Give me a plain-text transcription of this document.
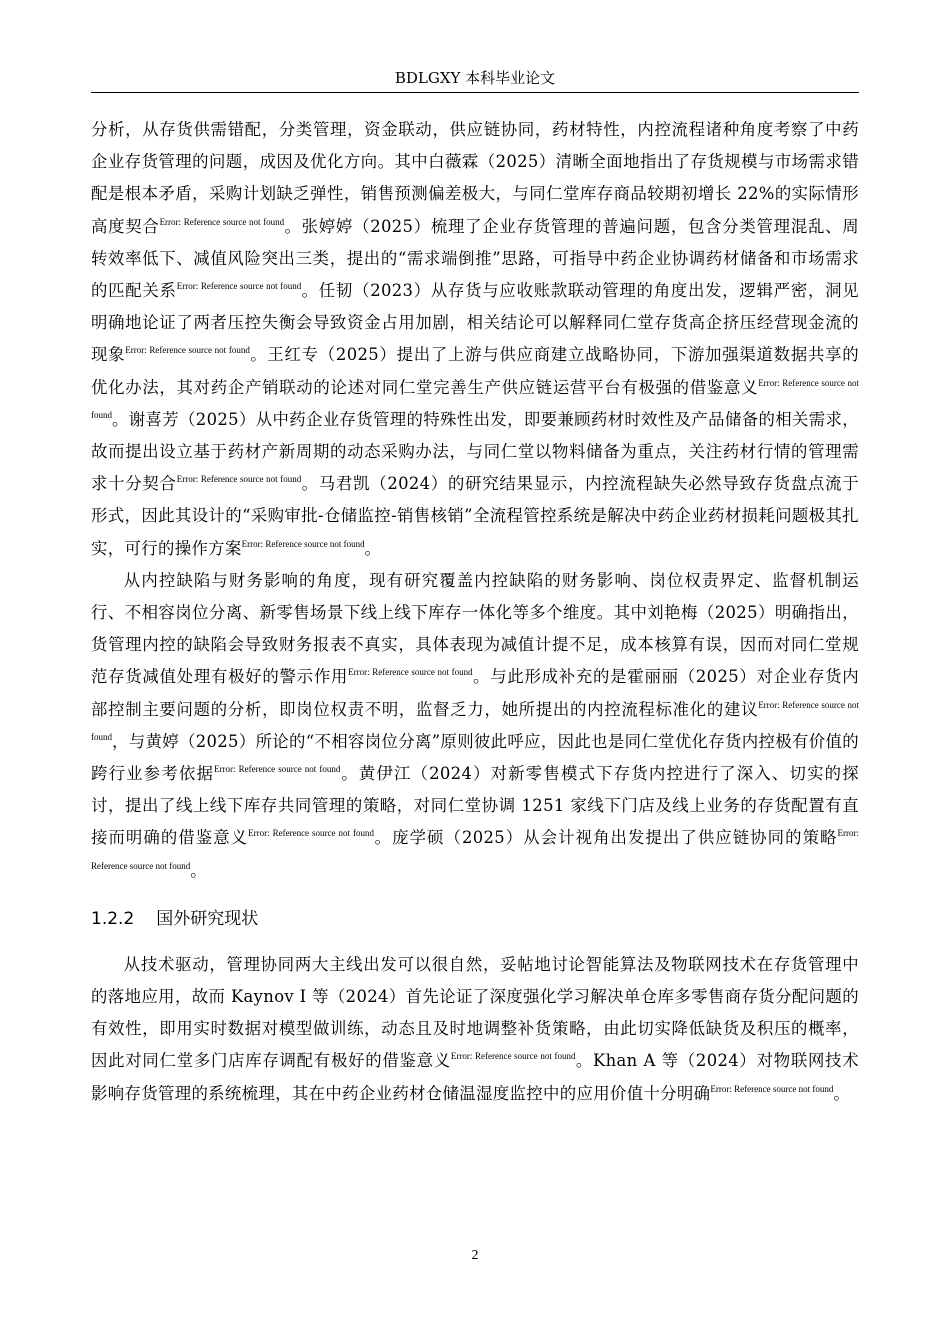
BDLGXY 本科毕业论文

分析，从存货供需错配，分类管理，资金联动，供应链协同，药材特性，内控流程诸种角度考察了中药企业存货管理的问题，成因及优化方向。其中白薇霖（2025）清晰全面地指出了存货规模与市场需求错配是根本矛盾，采购计划缺乏弹性，销售预测偏差极大，与同仁堂库存商品较期初增长 22%的实际情形高度契合$^{Error: Reference source not found}$。张婷婷（2025）梳理了企业存货管理的普遍问题，包含分类管理混乱、周转效率低下、减值风险突出三类，提出的“需求端倒推”思路，可指导中药企业协调药材储备和市场需求的匹配关系$^{Error: Reference source not found}$。任韧（2023）从存货与应收账款联动管理的角度出发，逻辑严密，洞见明确地论证了两者压控失衡会导致资金占用加剧，相关结论可以解释同仁堂存货高企挤压经营现金流的现象$^{Error: Reference source not found}$。王红专（2025）提出了上游与供应商建立战略协同，下游加强渠道数据共享的优化办法，其对药企产销联动的论述对同仁堂完善生产供应链运营平台有极强的借鉴意义$^{Error: Reference source not found}$。谢喜芳（2025）从中药企业存货管理的特殊性出发，即要兼顾药材时效性及产品储备的相关需求，故而提出设立基于药材产新周期的动态采购办法，与同仁堂以物料储备为重点，关注药材行情的管理需求十分契合$^{Error: Reference source not found}$。马君凯（2024）的研究结果显示，内控流程缺失必然导致存货盘点流于形式，因此其设计的“采购审批-仓储监控-销售核销”全流程管控系统是解决中药企业药材损耗问题极其扎实，可行的操作方案$^{Error: Reference source not found}$。

从内控缺陷与财务影响的角度，现有研究覆盖内控缺陷的财务影响、岗位权责界定、监督机制运行、不相容岗位分离、新零售场景下线上线下库存一体化等多个维度。其中刘艳梅（2025）明确指出，货管理内控的缺陷会导致财务报表不真实，具体表现为减值计提不足，成本核算有误，因而对同仁堂规范存货减值处理有极好的警示作用$^{Error: Reference source not found}$。与此形成补充的是霍丽丽（2025）对企业存货内部控制主要问题的分析，即岗位权责不明，监督乏力，她所提出的内控流程标准化的建议$^{Error: Reference source not found}$，与黄婷（2025）所论的“不相容岗位分离”原则彼此呼应，因此也是同仁堂优化存货内控极有价值的跨行业参考依据$^{Error: Reference source not found}$。黄伊江（2024）对新零售模式下存货内控进行了深入、切实的探讨，提出了线上线下库存共同管理的策略，对同仁堂协调 1251 家线下门店及线上业务的存货配置有直接而明确的借鉴意义$^{Error: Reference source not found}$。庞学硕（2025）从会计视角出发提出了供应链协同的策略$^{Error: Reference source not found}$。

1.2.2 国外研究现状

从技术驱动，管理协同两大主线出发可以很自然，妥帖地讨论智能算法及物联网技术在存货管理中的落地应用，故而 Kaynov I 等（2024）首先论证了深度强化学习解决单仓库多零售商存货分配问题的有效性，即用实时数据对模型做训练，动态且及时地调整补货策略，由此切实降低缺货及积压的概率，因此对同仁堂多门店库存调配有极好的借鉴意义$^{Error: Reference source not found}$。Khan A 等（2024）对物联网技术影响存货管理的系统梳理，其在中药企业药材仓储温湿度监控中的应用价值十分明确$^{Error: Reference source not found}$。

2
